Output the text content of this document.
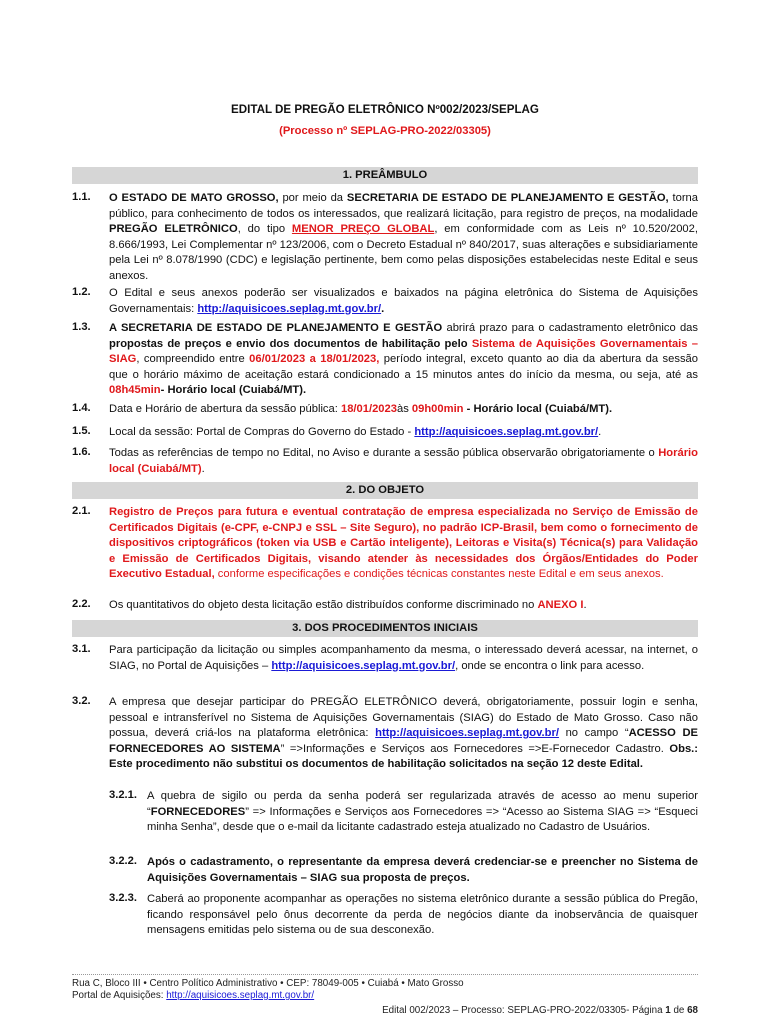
EDITAL DE PREGÃO ELETRÔNICO Nº002/2023/SEPLAG
(Processo nº SEPLAG-PRO-2022/03305)
1. PREÂMBULO
1.1. O ESTADO DE MATO GROSSO, por meio da SECRETARIA DE ESTADO DE PLANEJAMENTO E GESTÃO, torna público, para conhecimento de todos os interessados, que realizará licitação, para registro de preços, na modalidade PREGÃO ELETRÔNICO, do tipo MENOR PREÇO GLOBAL, em conformidade com as Leis nº 10.520/2002, 8.666/1993, Lei Complementar nº 123/2006, com o Decreto Estadual nº 840/2017, suas alterações e subsidiariamente pela Lei nº 8.078/1990 (CDC) e legislação pertinente, bem como pelas disposições estabelecidas neste Edital e seus anexos.
1.2. O Edital e seus anexos poderão ser visualizados e baixados na página eletrônica do Sistema de Aquisições Governamentais: http://aquisicoes.seplag.mt.gov.br/.
1.3. A SECRETARIA DE ESTADO DE PLANEJAMENTO E GESTÃO abrirá prazo para o cadastramento eletrônico das propostas de preços e envio dos documentos de habilitação pelo Sistema de Aquisições Governamentais – SIAG, compreendido entre 06/01/2023 a 18/01/2023, período integral, exceto quanto ao dia da abertura da sessão que o horário máximo de aceitação estará condicionado a 15 minutos antes do início da mesma, ou seja, até as 08h45min- Horário local (Cuiabá/MT).
1.4. Data e Horário de abertura da sessão pública: 18/01/2023às 09h00min - Horário local (Cuiabá/MT).
1.5. Local da sessão: Portal de Compras do Governo do Estado - http://aquisicoes.seplag.mt.gov.br/.
1.6. Todas as referências de tempo no Edital, no Aviso e durante a sessão pública observarão obrigatoriamente o Horário local (Cuiabá/MT).
2. DO OBJETO
2.1. Registro de Preços para futura e eventual contratação de empresa especializada no Serviço de Emissão de Certificados Digitais (e-CPF, e-CNPJ e SSL – Site Seguro), no padrão ICP-Brasil, bem como o fornecimento de dispositivos criptográficos (token via USB e Cartão inteligente), Leitoras e Visita(s) Técnica(s) para Validação e Emissão de Certificados Digitais, visando atender às necessidades dos Órgãos/Entidades do Poder Executivo Estadual, conforme especificações e condições técnicas constantes neste Edital e em seus anexos.
2.2. Os quantitativos do objeto desta licitação estão distribuídos conforme discriminado no ANEXO I.
3. DOS PROCEDIMENTOS INICIAIS
3.1. Para participação da licitação ou simples acompanhamento da mesma, o interessado deverá acessar, na internet, o SIAG, no Portal de Aquisições – http://aquisicoes.seplag.mt.gov.br/, onde se encontra o link para acesso.
3.2. A empresa que desejar participar do PREGÃO ELETRÔNICO deverá, obrigatoriamente, possuir login e senha, pessoal e intransferível no Sistema de Aquisições Governamentais (SIAG) do Estado de Mato Grosso. Caso não possua, deverá criá-los na plataforma eletrônica: http://aquisicoes.seplag.mt.gov.br/ no campo “ACESSO DE FORNECEDORES AO SISTEMA” =>Informações e Serviços aos Fornecedores =>E-Fornecedor Cadastro. Obs.: Este procedimento não substitui os documentos de habilitação solicitados na seção 12 deste Edital.
3.2.1. A quebra de sigilo ou perda da senha poderá ser regularizada através de acesso ao menu superior “FORNECEDORES” => Informações e Serviços aos Fornecedores => “Acesso ao Sistema SIAG => “Esqueci minha Senha”, desde que o e-mail da licitante cadastrado esteja atualizado no Cadastro de Usuários.
3.2.2. Após o cadastramento, o representante da empresa deverá credenciar-se e preencher no Sistema de Aquisições Governamentais – SIAG sua proposta de preços.
3.2.3. Caberá ao proponente acompanhar as operações no sistema eletrônico durante a sessão pública do Pregão, ficando responsável pelo ônus decorrente da perda de negócios diante da inobservância de quaisquer mensagens emitidas pelo sistema ou de sua desconexão.
Rua C, Bloco III • Centro Político Administrativo • CEP: 78049-005 • Cuiabá • Mato Grosso
Portal de Aquisições: http://aquisicoes.seplag.mt.gov.br/
Edital 002/2023 – Processo: SEPLAG-PRO-2022/03305- Página 1 de 68
